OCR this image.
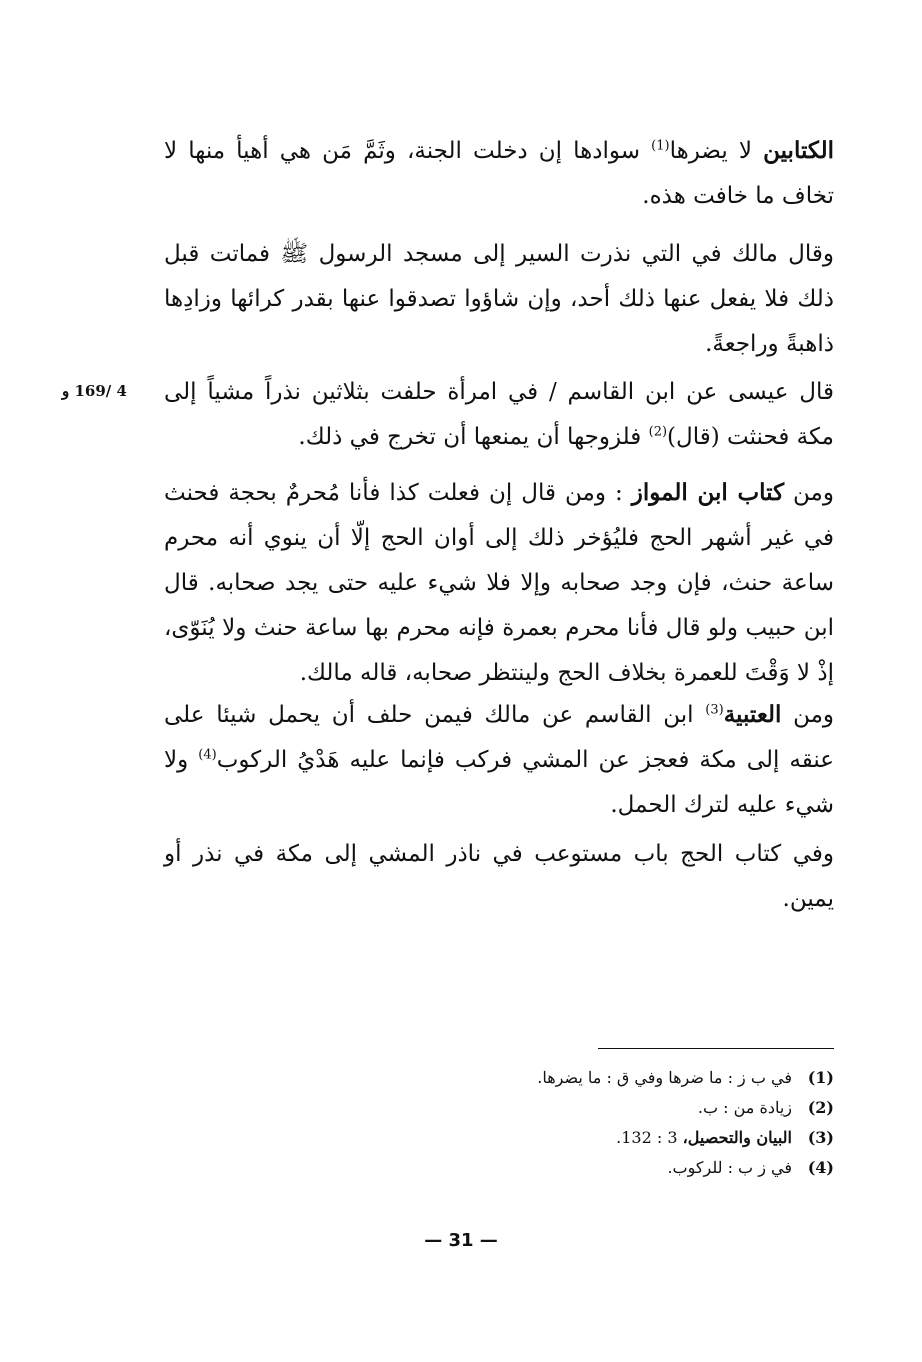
الكتابين لا يضرها$^{(1)}$ سوادها إن دخلت الجنة، وثَمَّ مَن هي أهيأ منها لا تخاف ما خافت هذه.

وقال مالك في التي نذرت السير إلى مسجد الرسول ﷺ فماتت قبل ذلك فلا يفعل عنها ذلك أحد، وإن شاؤوا تصدقوا عنها بقدر كرائها وزادِها ذاهبةً وراجعةً.

قال عيسى عن ابن القاسم / في امرأة حلفت بثلاثين نذراً مشياً إلى مكة فحنثت (قال)$^{(2)}$ فلزوجها أن يمنعها أن تخرج في ذلك.

4 /169 و

ومن كتاب ابن المواز : ومن قال إن فعلت كذا فأنا مُحرمٌ بحجة فحنث في غير أشهر الحج فليُؤخر ذلك إلى أوان الحج إلّا أن ينوي أنه محرم ساعة حنث، فإن وجد صحابه وإلا فلا شيء عليه حتى يجد صحابه. قال ابن حبيب ولو قال فأنا محرم بعمرة فإنه محرم بها ساعة حنث ولا يُنَوّى، إذْ لا وَقْتَ للعمرة بخلاف الحج ولينتظر صحابه، قاله مالك.

ومن العتبية$^{(3)}$ ابن القاسم عن مالك فيمن حلف أن يحمل شيئا على عنقه إلى مكة فعجز عن المشي فركب فإنما عليه هَدْيُ الركوب$^{(4)}$ ولا شيء عليه لترك الحمل.

وفي كتاب الحج باب مستوعب في ناذر المشي إلى مكة في نذر أو يمين.

(1)في ب ز : ما ضرها وفي ق : ما يضرها.
(2)زيادة من : ب.
(3)البيان والتحصيل، 3 : 132.
(4)في ز ب : للركوب.
— 31 —
